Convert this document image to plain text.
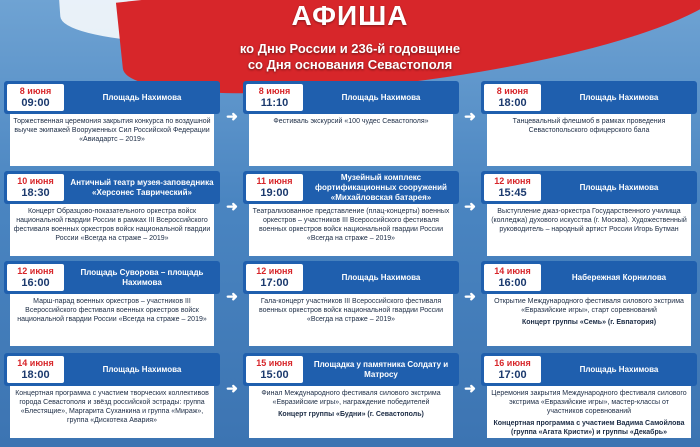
АФИША
ко Дню России и 236-й годовщине
со Дня основания Севастополя
8 июня
09:00	Площадь Нахимова
Торжественная церемония закрытия конкурса по воздушной выучке экипажей Вооруженных Сил Российской Федерации «Авиадартс – 2019»
➜
8 июня
11:10	Площадь Нахимова
Фестиваль экскурсий «100 чудес Севастополя»	➜
8 июня
18:00	Площадь Нахимова
Танцевальный флешмоб в рамках проведения Севастопольского офицерского бала
10 июня
18:30
Античный театр музея-заповедника «Херсонес Таврический»
Концерт Образцово-показательного оркестра войск национальной гвардии России в рамках III Всероссийского фестиваля военных оркестров войск национальной гвардии России «Всегда на страже – 2019»
➜
11 июня
19:00
Музейный комплекс фортификационных сооружений «Михайловская батарея»
Театрализованное представление (плац-концерты) военных оркестров – участников III Всероссийского фестиваля военных оркестров войск национальной гвардии России «Всегда на страже – 2019»
➜
12 июня
15:45	Площадь Нахимова
Выступление джаз-оркестра Государственного училища (колледжа) духового искусства (г. Москва). Художественный руководитель – народный артист России Игорь Бутман
12 июня
16:00
Площадь Суворова – площадь Нахимова
Марш-парад военных оркестров – участников III Всероссийского фестиваля военных оркестров войск национальной гвардии России «Всегда на страже – 2019»
➜
12 июня
17:00	Площадь Нахимова
Гала-концерт участников III Всероссийского фестиваля военных оркестров войск национальной гвардии России «Всегда на страже – 2019»
➜
14 июня
16:00	Набережная Корнилова
Открытие Международного фестиваля силового экстрима «Евразийские игры», старт соревнований
Концерт группы «Семь» (г. Евпатория)
14 июня
18:00	Площадь Нахимова
Концертная программа с участием творческих коллективов города Севастополя и звёзд российской эстрады: группа «Блестящие», Маргарита Суханкина и группа «Мираж», группа «Дискотека Авария»
➜
15 июня
15:00
Площадка у памятника Солдату и Матросу
Финал Международного фестиваля силового экстрима «Евразийские игры», награждение победителей
Концерт группы «Будни» (г. Севастополь)
➜
16 июня
17:00	Площадь Нахимова
Церемония закрытия Международного фестиваля силового экстрима «Евразийские игры», мастер-классы от участников соревнований
Концертная программа с участием Вадима Самойлова (группа «Агата Кристи») и группы «Декабрь»
